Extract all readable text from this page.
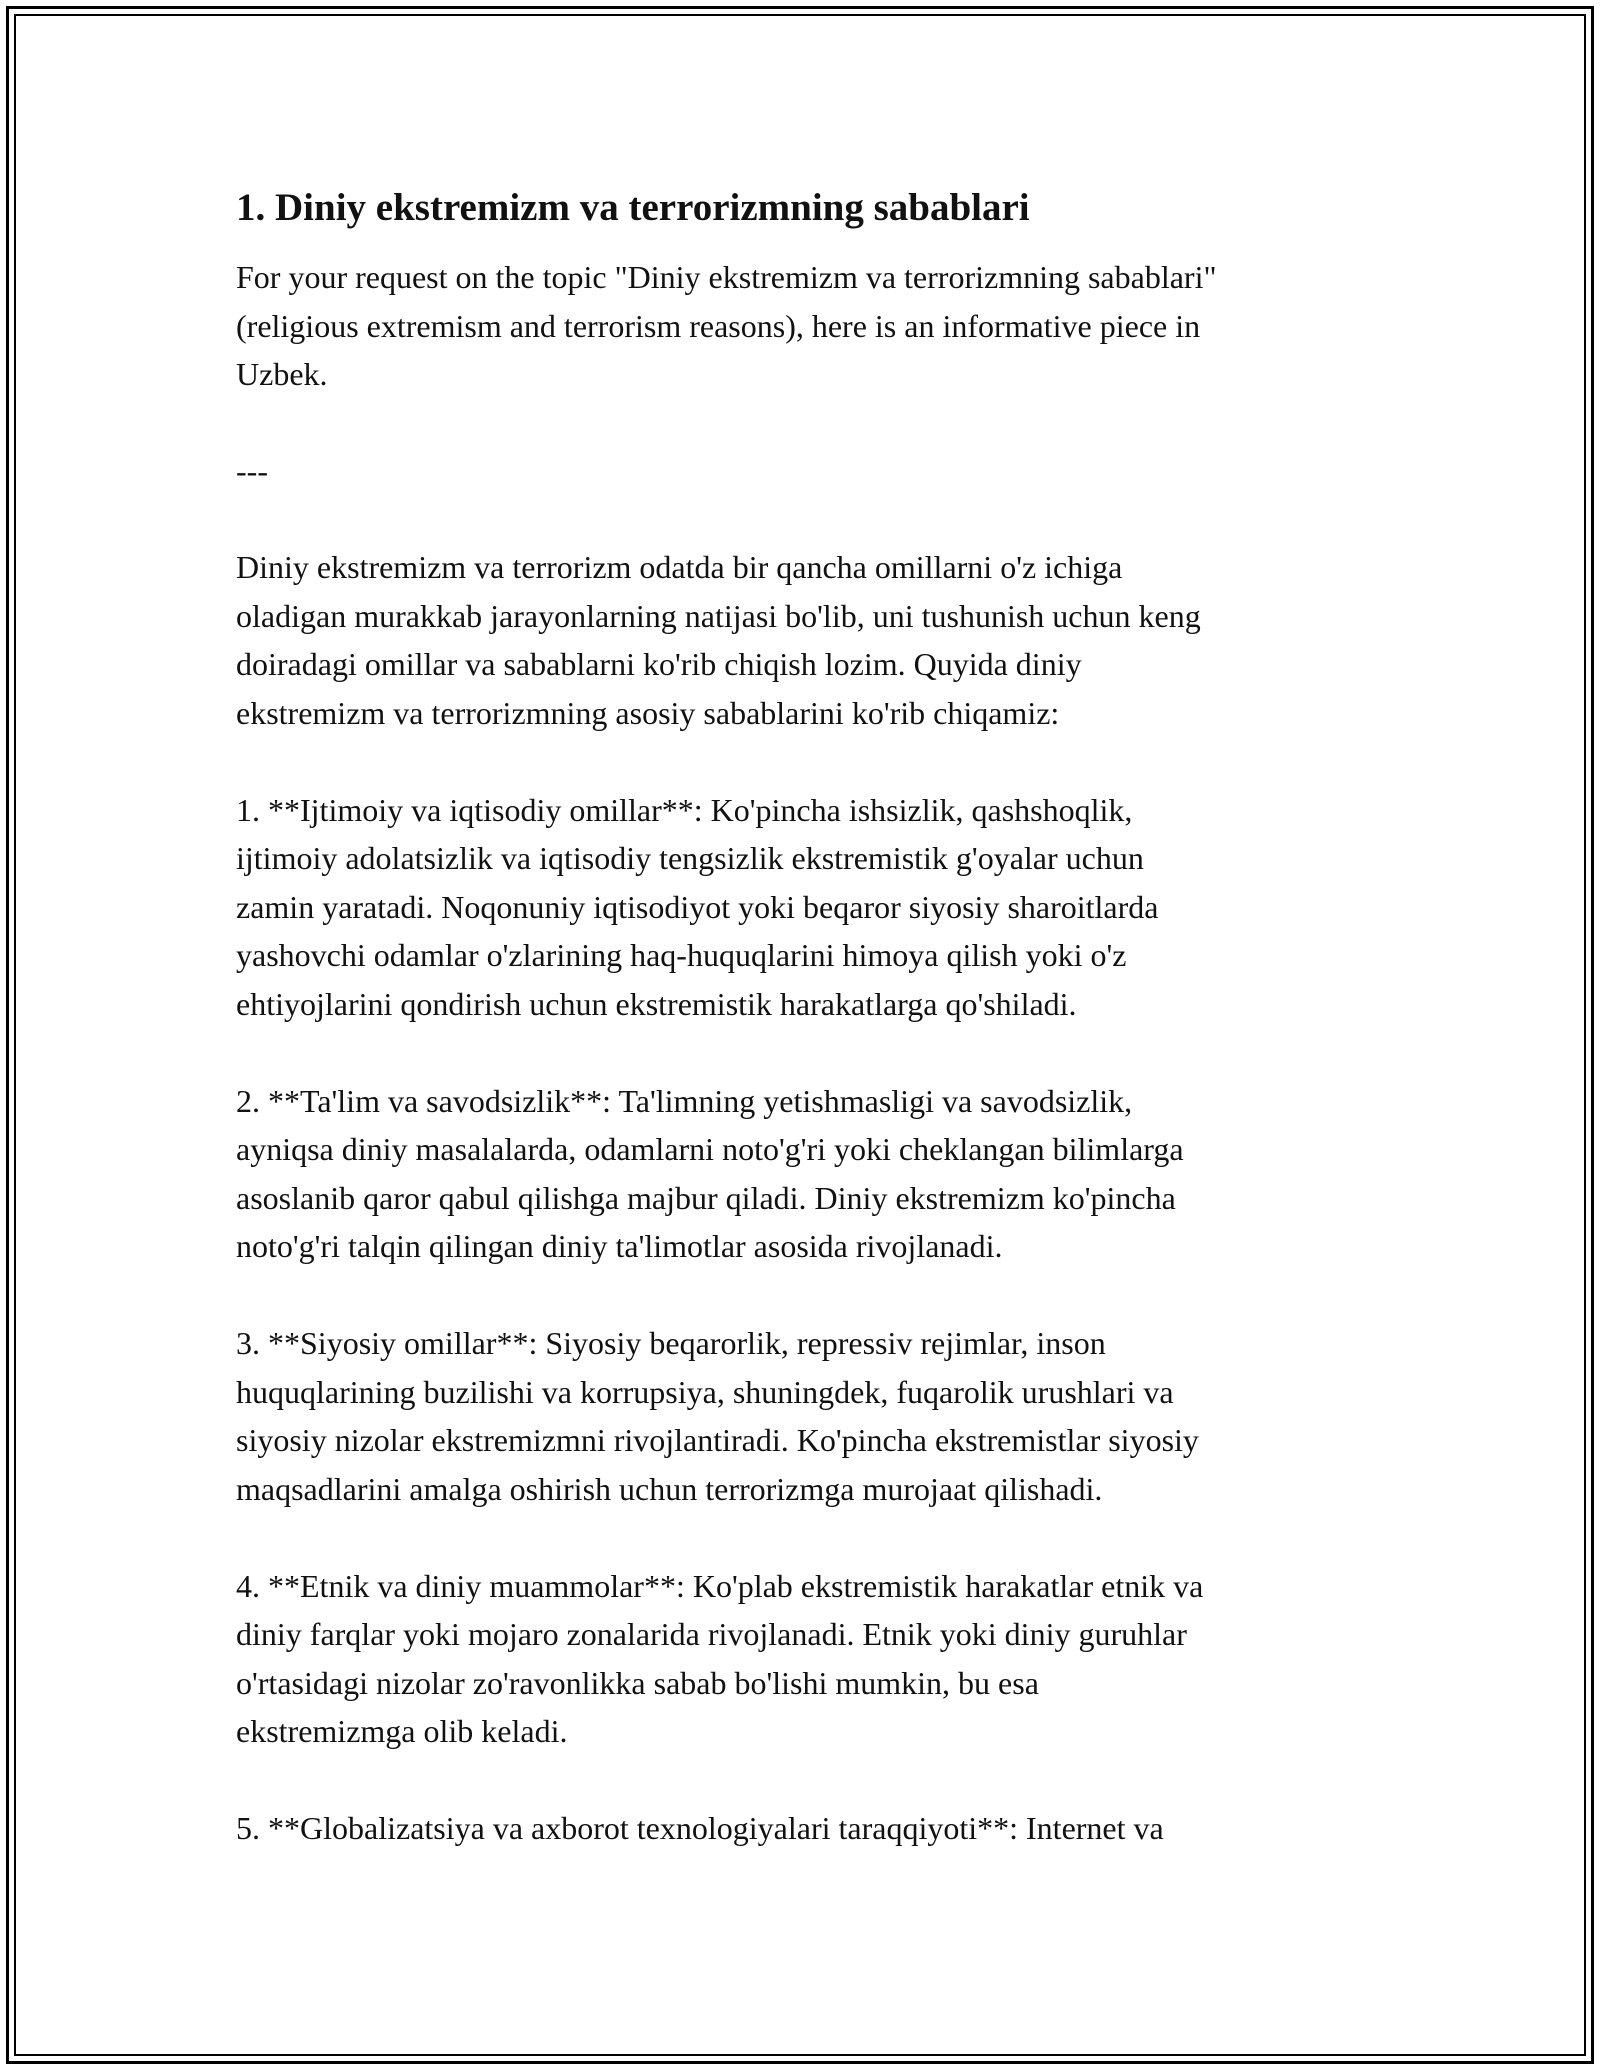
1. Diniy ekstremizm va terrorizmning sabablari

For your request on the topic "Diniy ekstremizm va terrorizmning sabablari"
(religious extremism and terrorism reasons), here is an informative piece in
Uzbek.

---

Diniy ekstremizm va terrorizm odatda bir qancha omillarni o'z ichiga
oladigan murakkab jarayonlarning natijasi bo'lib, uni tushunish uchun keng
doiradagi omillar va sabablarni ko'rib chiqish lozim. Quyida diniy
ekstremizm va terrorizmning asosiy sabablarini ko'rib chiqamiz:

1. **Ijtimoiy va iqtisodiy omillar**: Ko'pincha ishsizlik, qashshoqlik,
ijtimoiy adolatsizlik va iqtisodiy tengsizlik ekstremistik g'oyalar uchun
zamin yaratadi. Noqonuniy iqtisodiyot yoki beqaror siyosiy sharoitlarda
yashovchi odamlar o'zlarining haq-huquqlarini himoya qilish yoki o'z
ehtiyojlarini qondirish uchun ekstremistik harakatlarga qo'shiladi.

2. **Ta'lim va savodsizlik**: Ta'limning yetishmasligi va savodsizlik,
ayniqsa diniy masalalarda, odamlarni noto'g'ri yoki cheklangan bilimlarga
asoslanib qaror qabul qilishga majbur qiladi. Diniy ekstremizm ko'pincha
noto'g'ri talqin qilingan diniy ta'limotlar asosida rivojlanadi.

3. **Siyosiy omillar**: Siyosiy beqarorlik, repressiv rejimlar, inson
huquqlarining buzilishi va korrupsiya, shuningdek, fuqarolik urushlari va
siyosiy nizolar ekstremizmni rivojlantiradi. Ko'pincha ekstremistlar siyosiy
maqsadlarini amalga oshirish uchun terrorizmga murojaat qilishadi.

4. **Etnik va diniy muammolar**: Ko'plab ekstremistik harakatlar etnik va
diniy farqlar yoki mojaro zonalarida rivojlanadi. Etnik yoki diniy guruhlar
o'rtasidagi nizolar zo'ravonlikka sabab bo'lishi mumkin, bu esa
ekstremizmga olib keladi.

5. **Globalizatsiya va axborot texnologiyalari taraqqiyoti**: Internet va
